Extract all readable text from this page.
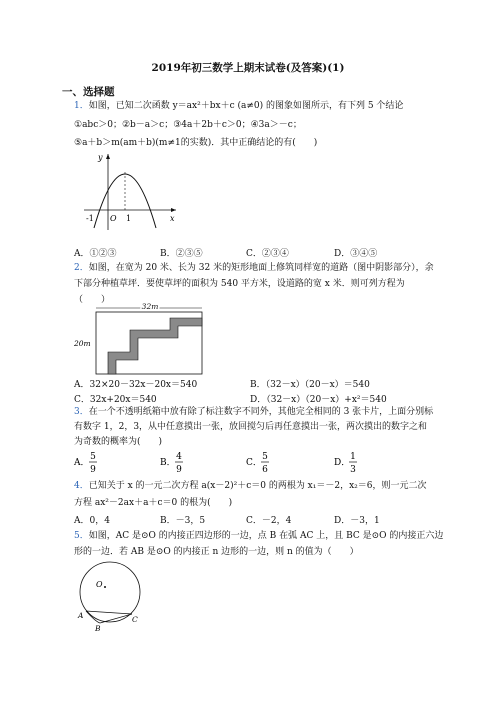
2019年初三数学上期末试卷(及答案)(1)
一、选择题
1．如图，已知二次函数 y＝ax²＋bx＋c (a≠0) 的图象如图所示，有下列 5 个结论
①abc＞0；②b－a＞c；③4a＋2b＋c＞0；④3a＞－c；
⑤a＋b＞m(am＋b)(m≠1的实数)．其中正确结论的有(　　)
-1 O 1	x
y
A．①②③	B．②③⑤	C．②③④	D．③④⑤
2．如图，在宽为 20 米、长为 32 米的矩形地面上修筑同样宽的道路（图中阴影部分），余
下部分种植草坪．要使草坪的面积为 540 平方米，设道路的宽 x 米．则可列方程为
（　　）
32m
20m
A．32×20－32x－20x＝540	B．（32－x）（20－x）＝540
C．32x+20x＝540	D．（32－x）（20－x）+x²＝540
3．在一个不透明纸箱中放有除了标注数字不同外，其他完全相同的 3 张卡片，上面分别标
有数字 1，2，3，从中任意摸出一张，放回搅匀后再任意摸出一张，两次摸出的数字之和
为奇数的概率为(　　)
A．
5
9
B．
4
9
C．
5
6
D．
1
3
4．已知关于 x 的一元二次方程 a(x－2)²＋c＝0 的两根为 x₁＝－2，x₂＝6，则一元二次
方程 ax²－2ax＋a＋c＝0 的根为(　　)
A．0，4	B．－3，5	C．－2，4	D．－3，1
5．如图，AC 是⊙O 的内接正四边形的一边，点 B 在弧 AC 上，且 BC 是⊙O 的内接正六边
形的一边．若 AB 是⊙O 的内接正 n 边形的一边，则 n 的值为（　　）
O
A
B
C
